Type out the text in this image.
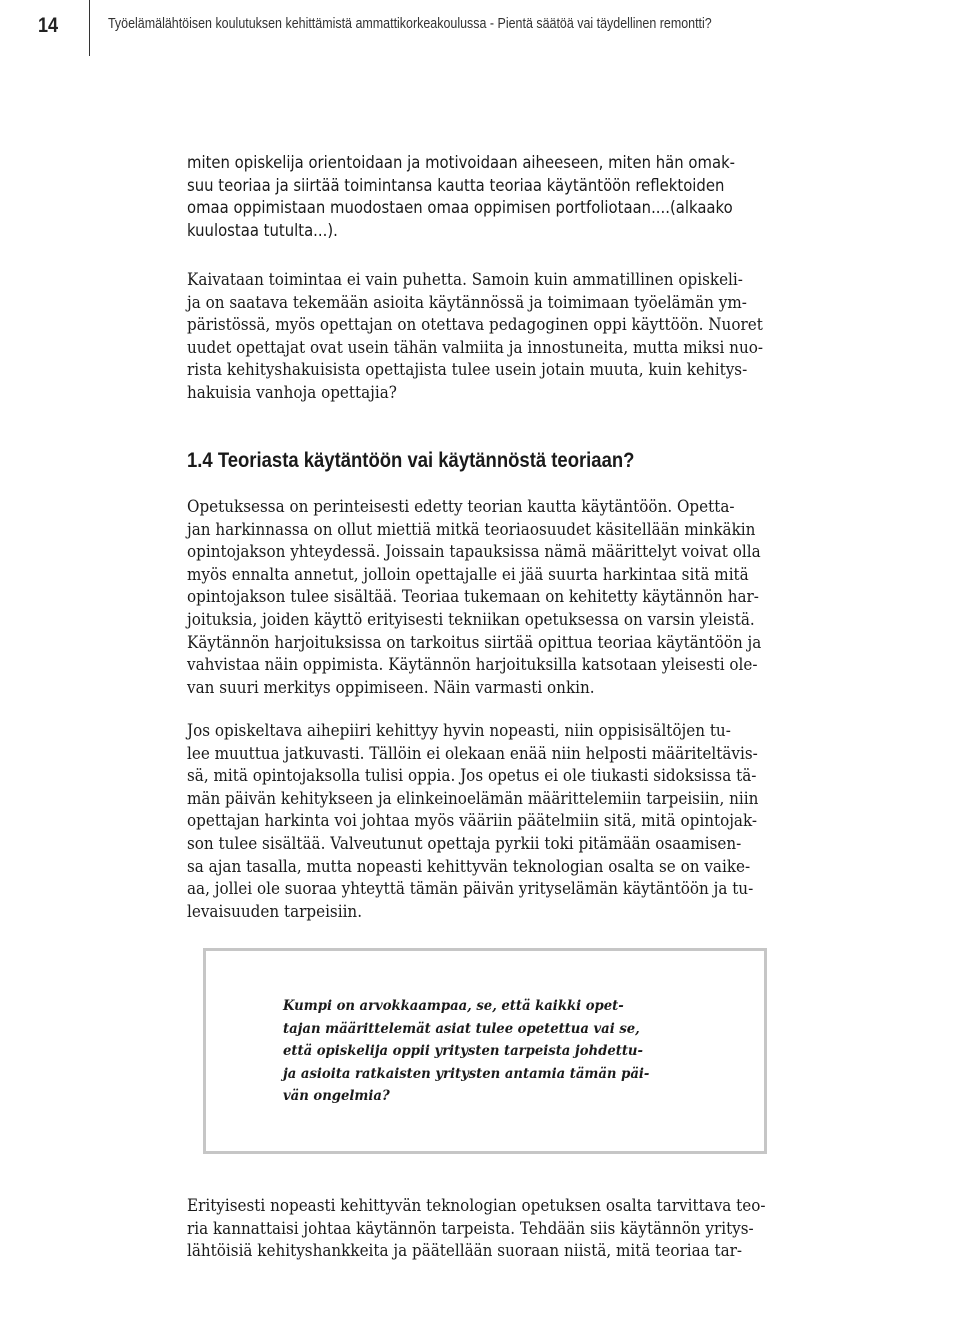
14	Työelämälähtöisen koulutuksen kehittämistä ammattikorkeakoulussa - Pientä säätöä vai täydellinen remontti?

miten opiskelija orientoidaan ja motivoidaan aiheeseen, miten hän omak-
suu teoriaa ja siirtää toimintansa kautta teoriaa käytäntöön reflektoiden
omaa oppimistaan muodostaen omaa oppimisen portfoliotaan....(alkaako
kuulostaa tutulta...).

Kaivataan toimintaa ei vain puhetta. Samoin kuin ammatillinen opiskeli-
ja on saatava tekemään asioita käytännössä ja toimimaan työelämän ym-
päristössä, myös opettajan on otettava pedagoginen oppi käyttöön. Nuoret
uudet opettajat ovat usein tähän valmiita ja innostuneita, mutta miksi nuo-
rista kehityshakuisista opettajista tulee usein jotain muuta, kuin kehitys-
hakuisia vanhoja opettajia?

1.4 Teoriasta käytäntöön vai käytännöstä teoriaan?

Opetuksessa on perinteisesti edetty teorian kautta käytäntöön. Opetta-
jan harkinnassa on ollut miettiä mitkä teoriaosuudet käsitellään minkäkin
opintojakson yhteydessä. Joissain tapauksissa nämä määrittelyt voivat olla
myös ennalta annetut, jolloin opettajalle ei jää suurta harkintaa sitä mitä
opintojakson tulee sisältää. Teoriaa tukemaan on kehitetty käytännön har-
joituksia, joiden käyttö erityisesti tekniikan opetuksessa on varsin yleistä.
Käytännön harjoituksissa on tarkoitus siirtää opittua teoriaa käytäntöön ja
vahvistaa näin oppimista. Käytännön harjoituksilla katsotaan yleisesti ole-
van suuri merkitys oppimiseen. Näin varmasti onkin.

Jos opiskeltava aihepiiri kehittyy hyvin nopeasti, niin oppisisältöjen tu-
lee muuttua jatkuvasti. Tällöin ei olekaan enää niin helposti määriteltävis-
sä, mitä opintojaksolla tulisi oppia. Jos opetus ei ole tiukasti sidoksissa tä-
män päivän kehitykseen ja elinkeinoelämän määrittelemiin tarpeisiin, niin
opettajan harkinta voi johtaa myös vääriin päätelmiin sitä, mitä opintojak-
son tulee sisältää. Valveutunut opettaja pyrkii toki pitämään osaamisen-
sa ajan tasalla, mutta nopeasti kehittyvän teknologian osalta se on vaike-
aa, jollei ole suoraa yhteyttä tämän päivän yrityselämän käytäntöön ja tu-
levaisuuden tarpeisiin.

Kumpi on arvokkaampaa, se, että kaikki opet-
tajan määrittelemät asiat tulee opetettua vai se,
että opiskelija oppii yritysten tarpeista johdettu-
ja asioita ratkaisten yritysten antamia tämän päi-
vän ongelmia?

Erityisesti nopeasti kehittyvän teknologian opetuksen osalta tarvittava teo-
ria kannattaisi johtaa käytännön tarpeista. Tehdään siis käytännön yritys-
lähtöisiä kehityshankkeita ja päätellään suoraan niistä, mitä teoriaa tar-
